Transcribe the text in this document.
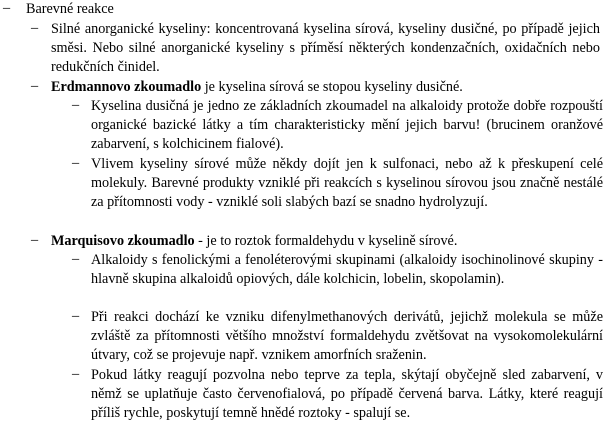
–	Barevné reakce
– Silné anorganické kyseliny: koncentrovaná kyselina sírová, kyseliny dusičné, po případě jejich směsi. Nebo silné anorganické kyseliny s příměsí některých kondenzačních, oxidačních nebo redukčních činidel.
– Erdmannovo zkoumadlo je kyselina sírová se stopou kyseliny dusičné.
– Kyselina dusičná je jedno ze základních zkoumadel na alkaloidy protože dobře rozpouští organické bazické látky a tím charakteristicky mění jejich barvu! (brucinem oranžové zabarvení, s kolchicinem fialové).
– Vlivem kyseliny sírové může někdy dojít jen k sulfonaci, nebo až k přeskupení celé molekuly. Barevné produkty vzniklé při reakcích s kyselinou sírovou jsou značně nestálé za přítomnosti vody - vzniklé soli slabých bazí se snadno hydrolyzují.
– Marquisovo zkoumadlo - je to roztok formaldehydu v kyselině sírové.
– Alkaloidy s fenolickými a fenoléterovými skupinami (alkaloidy isochinolinové skupiny - hlavně skupina alkaloidů opiových, dále kolchicin, lobelin, skopolamin).
– Při reakci dochází ke vzniku difenylmethanových derivátů, jejichž molekula se může zvláště za přítomnosti většího množství formaldehydu zvětšovat na vysokomolekulární útvary, což se projevuje např. vznikem amorfních sraženin.
– Pokud látky reagují pozvolna nebo teprve za tepla, skýtají obyčejně sled zabarvení, v němž se uplatňuje často červenofialová, po případě červená barva. Látky, které reagují příliš rychle, poskytují temně hnědé roztoky - spalují se.
